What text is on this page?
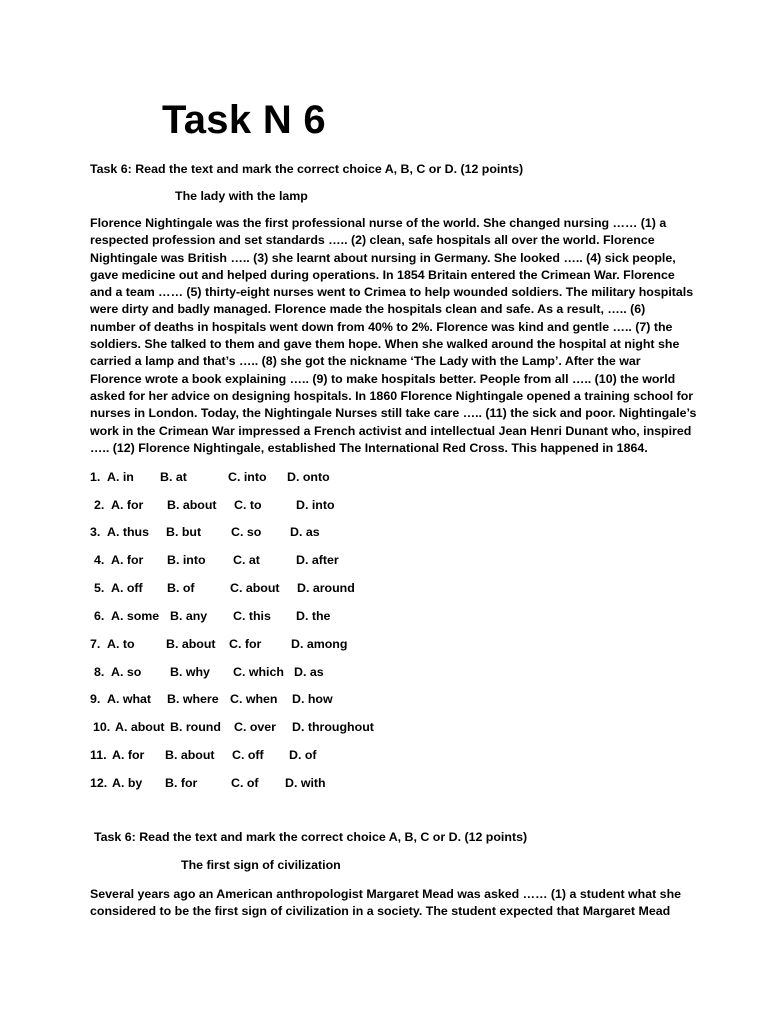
Task N 6
Task 6: Read the text and mark the correct choice A, B, C or D. (12 points)
The lady with the lamp
Florence Nightingale was the first professional nurse of the world. She changed nursing …… (1) a
respected profession and set standards ….. (2) clean, safe hospitals all over the world. Florence
Nightingale was British ….. (3) she learnt about nursing in Germany. She looked ….. (4) sick people,
gave medicine out and helped during operations. In 1854 Britain entered the Crimean War. Florence
and a team …… (5) thirty-eight nurses went to Crimea to help wounded soldiers. The military hospitals
were dirty and badly managed. Florence made the hospitals clean and safe. As a result, ….. (6)
number of deaths in hospitals went down from 40% to 2%. Florence was kind and gentle ….. (7) the
soldiers. She talked to them and gave them hope. When she walked around the hospital at night she
carried a lamp and that’s ….. (8) she got the nickname ‘The Lady with the Lamp’. After the war
Florence wrote a book explaining ….. (9) to make hospitals better. People from all ….. (10) the world
asked for her advice on designing hospitals. In 1860 Florence Nightingale opened a training school for
nurses in London. Today, the Nightingale Nurses still take care ….. (11) the sick and poor. Nightingale’s
work in the Crimean War impressed a French activist and intellectual Jean Henri Dunant who, inspired
….. (12) Florence Nightingale, established The International Red Cross. This happened in 1864.
1. A. in B. at	C. into D. onto
2. A. for B. about C. to	D. into
3. A. thus B. but C. so D. as
4. A. for B. into C. at	D. after
5. A. off B. of	C. about D. around
6. A. some B. any C. this D. the
7. A. to	B. about C. for D. among
8. A. so B. why C. which D. as
9. A. what B. where C. when D. how
10. A. about B. round C. over D. throughout
11. A. for B. about C. off D. of
12. A. by B. for	C. of D. with
Task 6: Read the text and mark the correct choice A, B, C or D. (12 points)
The first sign of civilization
Several years ago an American anthropologist Margaret Mead was asked …… (1) a student what she
considered to be the first sign of civilization in a society. The student expected that Margaret Mead
